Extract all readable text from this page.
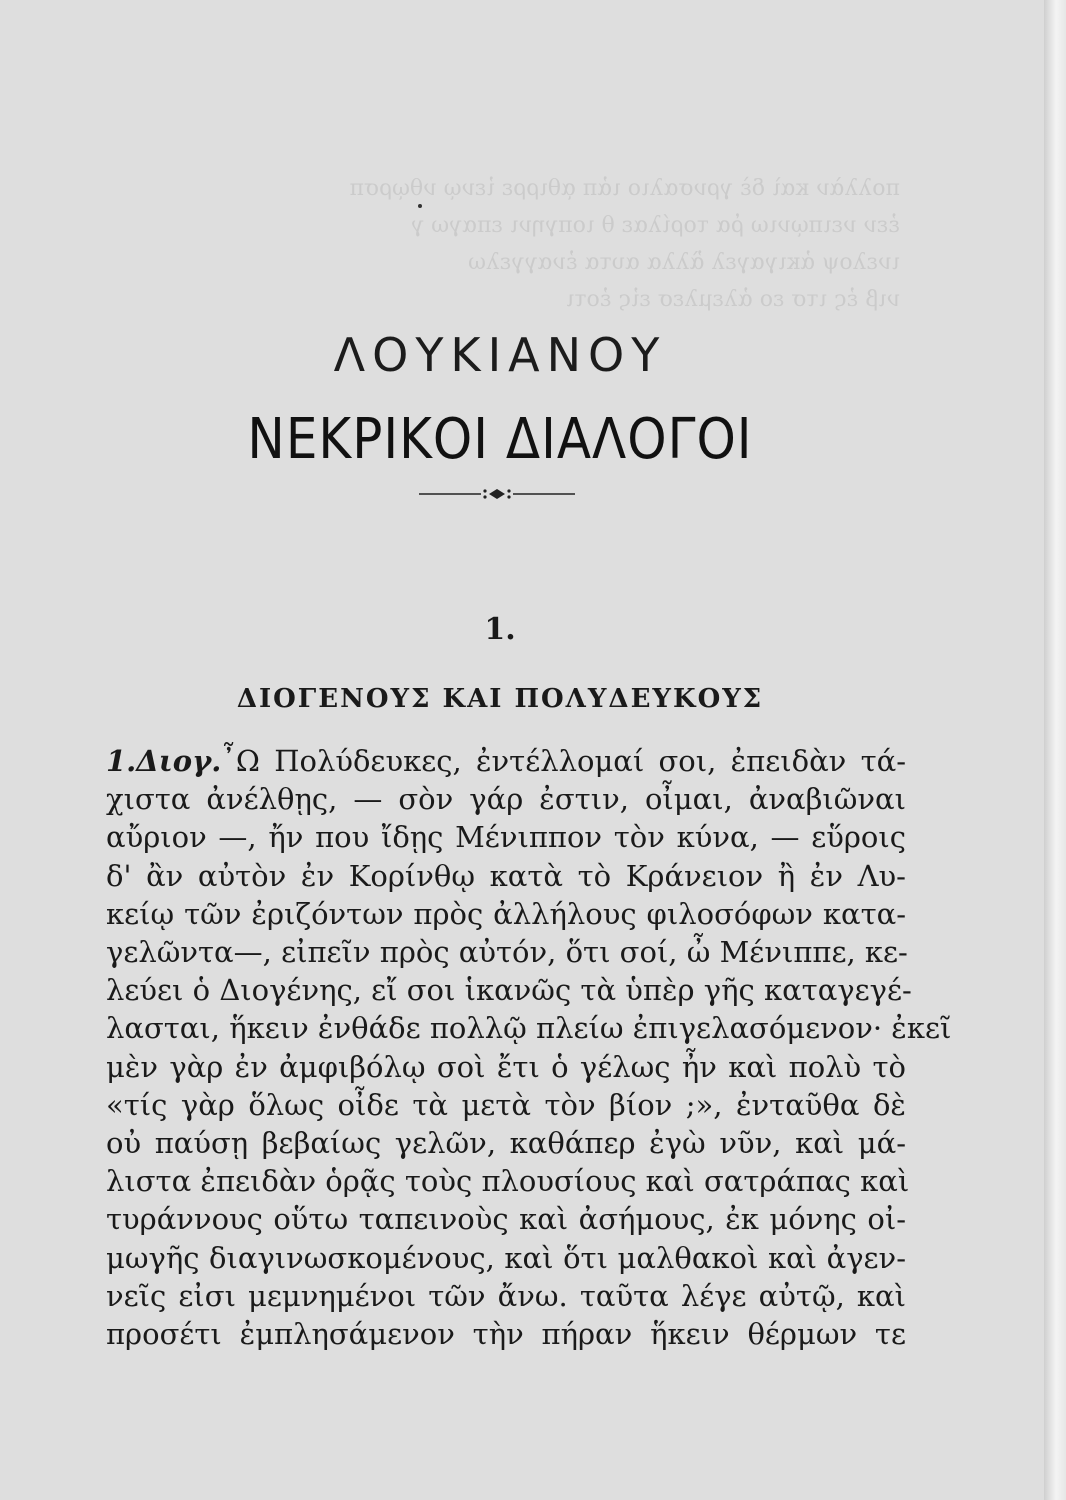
πολλὰν καὶ δὲ γρνσαλιο ιἀπ ᾳθιρρε ἰενῳ νθῳρσπ
ἐεν νειπῳνιω ῥα τορίλαε θ ιοπγηνι επαγω γ
ινελοψ ἀκιγαγελ ἂλλα αυτα ἐναγγελω
νιβ ἐς ιτσ εο ἀλεμλεσ εἰς ἐοτι
ΛΟΥΚΙΑΝΟΥ
ΝΕΚΡΙΚΟΙ ΔΙΑΛΟΓΟΙ
1.
ΔΙΟΓΕΝΟΥΣ ΚΑΙ ΠΟΛΥΔΕΥΚΟΥΣ
1.Διογ.῏Ω Πολύδευκες, ἐντέλλομαί σοι, ἐπειδὰν τά-
χιστα ἀνέλθῃς, — σὸν γάρ ἐστιν, οἶμαι, ἀναβιῶναι
αὔριον —, ἤν που ἴδῃς Μένιππον τὸν κύνα, — εὕροις
δ' ἂν αὐτὸν ἐν Κορίνθῳ κατὰ τὸ Κράνειον ἢ ἐν Λυ-
κείῳ τῶν ἐριζόντων πρὸς ἀλλήλους φιλοσόφων κατα-
γελῶντα—, εἰπεῖν πρὸς αὐτόν, ὅτι σοί, ὦ Μένιππε, κε-
λεύει ὁ Διογένης, εἴ σοι ἱκανῶς τὰ ὑπὲρ γῆς καταγεγέ-
λασται, ἥκειν ἐνθάδε πολλῷ πλείω ἐπιγελασόμενον· ἐκεῖ
μὲν γὰρ ἐν ἀμφιβόλῳ σοὶ ἔτι ὁ γέλως ἦν καὶ πολὺ τὸ
«τίς γὰρ ὅλως οἶδε τὰ μετὰ τὸν βίον ;», ἐνταῦθα δὲ
οὐ παύσῃ βεβαίως γελῶν, καθάπερ ἐγὼ νῦν, καὶ μά-
λιστα ἐπειδὰν ὁρᾷς τοὺς πλουσίους καὶ σατράπας καὶ
τυράννους οὕτω ταπεινοὺς καὶ ἀσήμους, ἐκ μόνης οἰ-
μωγῆς διαγινωσκομένους, καὶ ὅτι μαλθακοὶ καὶ ἀγεν-
νεῖς εἰσι μεμνημένοι τῶν ἄνω. ταῦτα λέγε αὐτῷ, καὶ
προσέτι ἐμπλησάμενον τὴν πήραν ἥκειν θέρμων τε
